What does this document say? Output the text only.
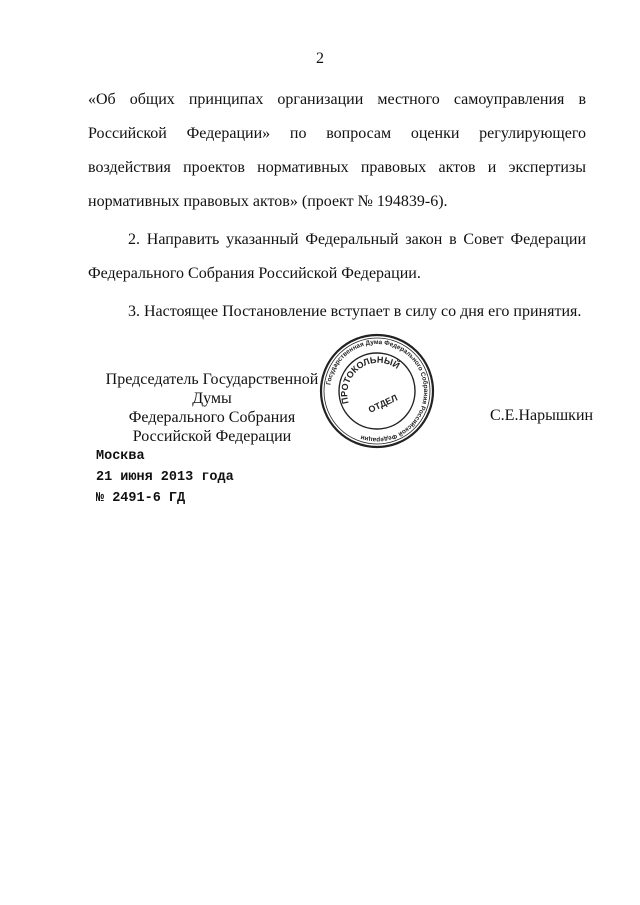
2
«Об общих принципах организации местного самоуправления в Российской Федерации» по вопросам оценки регулирующего воздействия проектов нормативных правовых актов и экспертизы нормативных правовых актов» (проект № 194839-6).
2. Направить указанный Федеральный закон в Совет Федерации Федерального Собрания Российской Федерации.
3. Настоящее Постановление вступает в силу со дня его принятия.
Председатель Государственной Думы
Федерального Собрания
Российской Федерации
Государственная Дума Федерального Собрания Российской Федерации
ПРОТОКОЛЬНЫЙ
ОТДЕЛ
С.Е.Нарышкин
Москва
21 июня 2013 года
№ 2491-6 ГД
